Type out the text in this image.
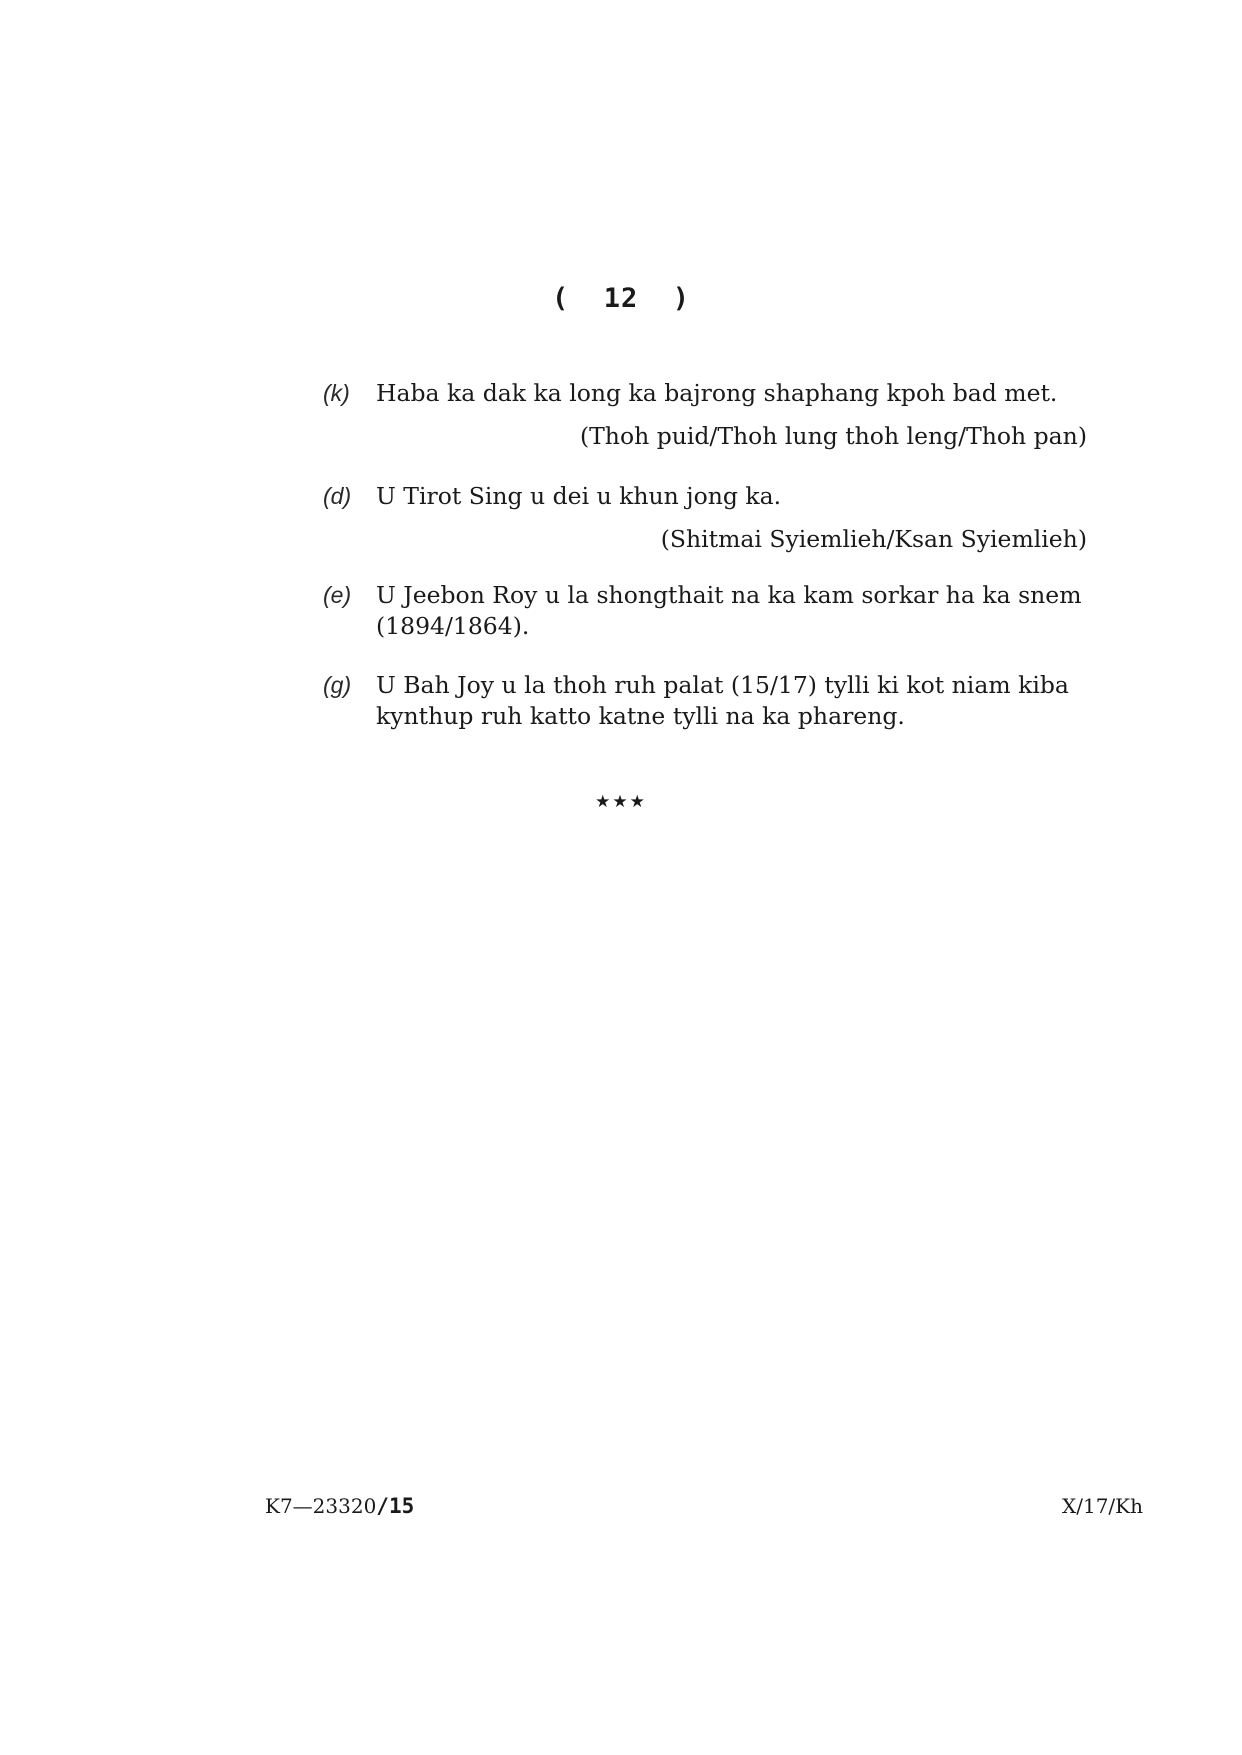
(  12  )
(k) Haba ka dak ka long ka bajrong shaphang kpoh bad met.
(Thoh puid/Thoh lung thoh leng/Thoh pan)
(d) U Tirot Sing u dei u khun jong ka.
(Shitmai Syiemlieh/Ksan Syiemlieh)
(e) U Jeebon Roy u la shongthait na ka kam sorkar ha ka snem (1894/1864).
(g) U Bah Joy u la thoh ruh palat (15/17) tylli ki kot niam kiba kynthup ruh katto katne tylli na ka phareng.
★★★
K7—23320/15	X/17/Kh
